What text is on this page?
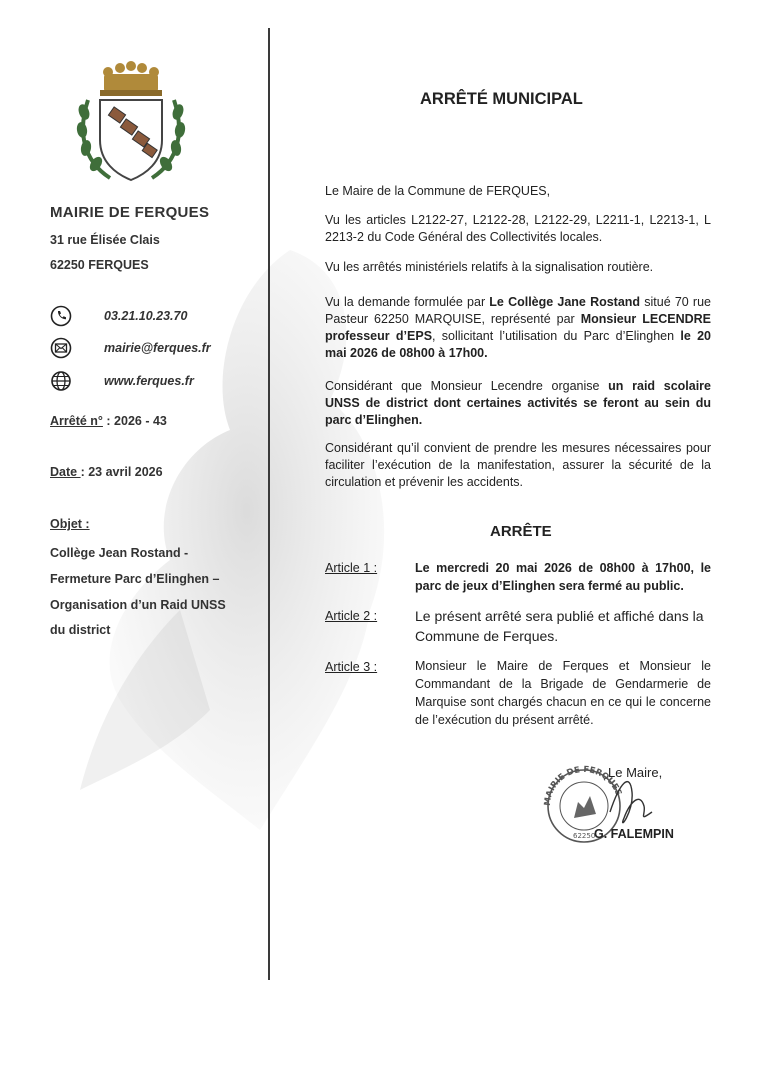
MAIRIE DE FERQUES
31 rue Élisée Clais
62250 FERQUES
03.21.10.23.70
mairie@ferques.fr
www.ferques.fr
Arrêté n° : 2026 - 43
Date : 23 avril 2026
Objet :
Collège Jean Rostand -
Fermeture Parc d’Elinghen –
Organisation d’un Raid UNSS
du district
ARRÊTÉ MUNICIPAL

Le Maire de la Commune de FERQUES,

Vu les articles L2122-27, L2122-28, L2122-29, L2211-1, L2213-1, L 2213-2 du Code Général des Collectivités locales.

Vu les arrêtés ministériels relatifs à la signalisation routière.

Vu la demande formulée par Le Collège Jane Rostand situé 70 rue Pasteur 62250 MARQUISE, représenté par Monsieur LECENDRE professeur d’EPS, sollicitant l’utilisation du Parc d’Elinghen le 20 mai 2026 de 08h00 à 17h00.

Considérant que Monsieur Lecendre organise un raid scolaire UNSS de district dont certaines activités se feront au sein du parc d’Elinghen.

Considérant qu’il convient de prendre les mesures nécessaires pour faciliter l’exécution de la manifestation, assurer la sécurité de la circulation et prévenir les accidents.

ARRÊTE
Article 1 :	Le mercredi 20 mai 2026 de 08h00 à 17h00, le parc de jeux d’Elinghen sera fermé au public.
Article 2 :	Le présent arrêté sera publié et affiché dans la Commune de Ferques.
Article 3 :	Monsieur le Maire de Ferques et Monsieur le Commandant de la Brigade de Gendarmerie de Marquise sont chargés chacun en ce qui le concerne de l’exécution du présent arrêté.
MAIRIE DE FERQUES
62250
Le Maire,
G. FALEMPIN
